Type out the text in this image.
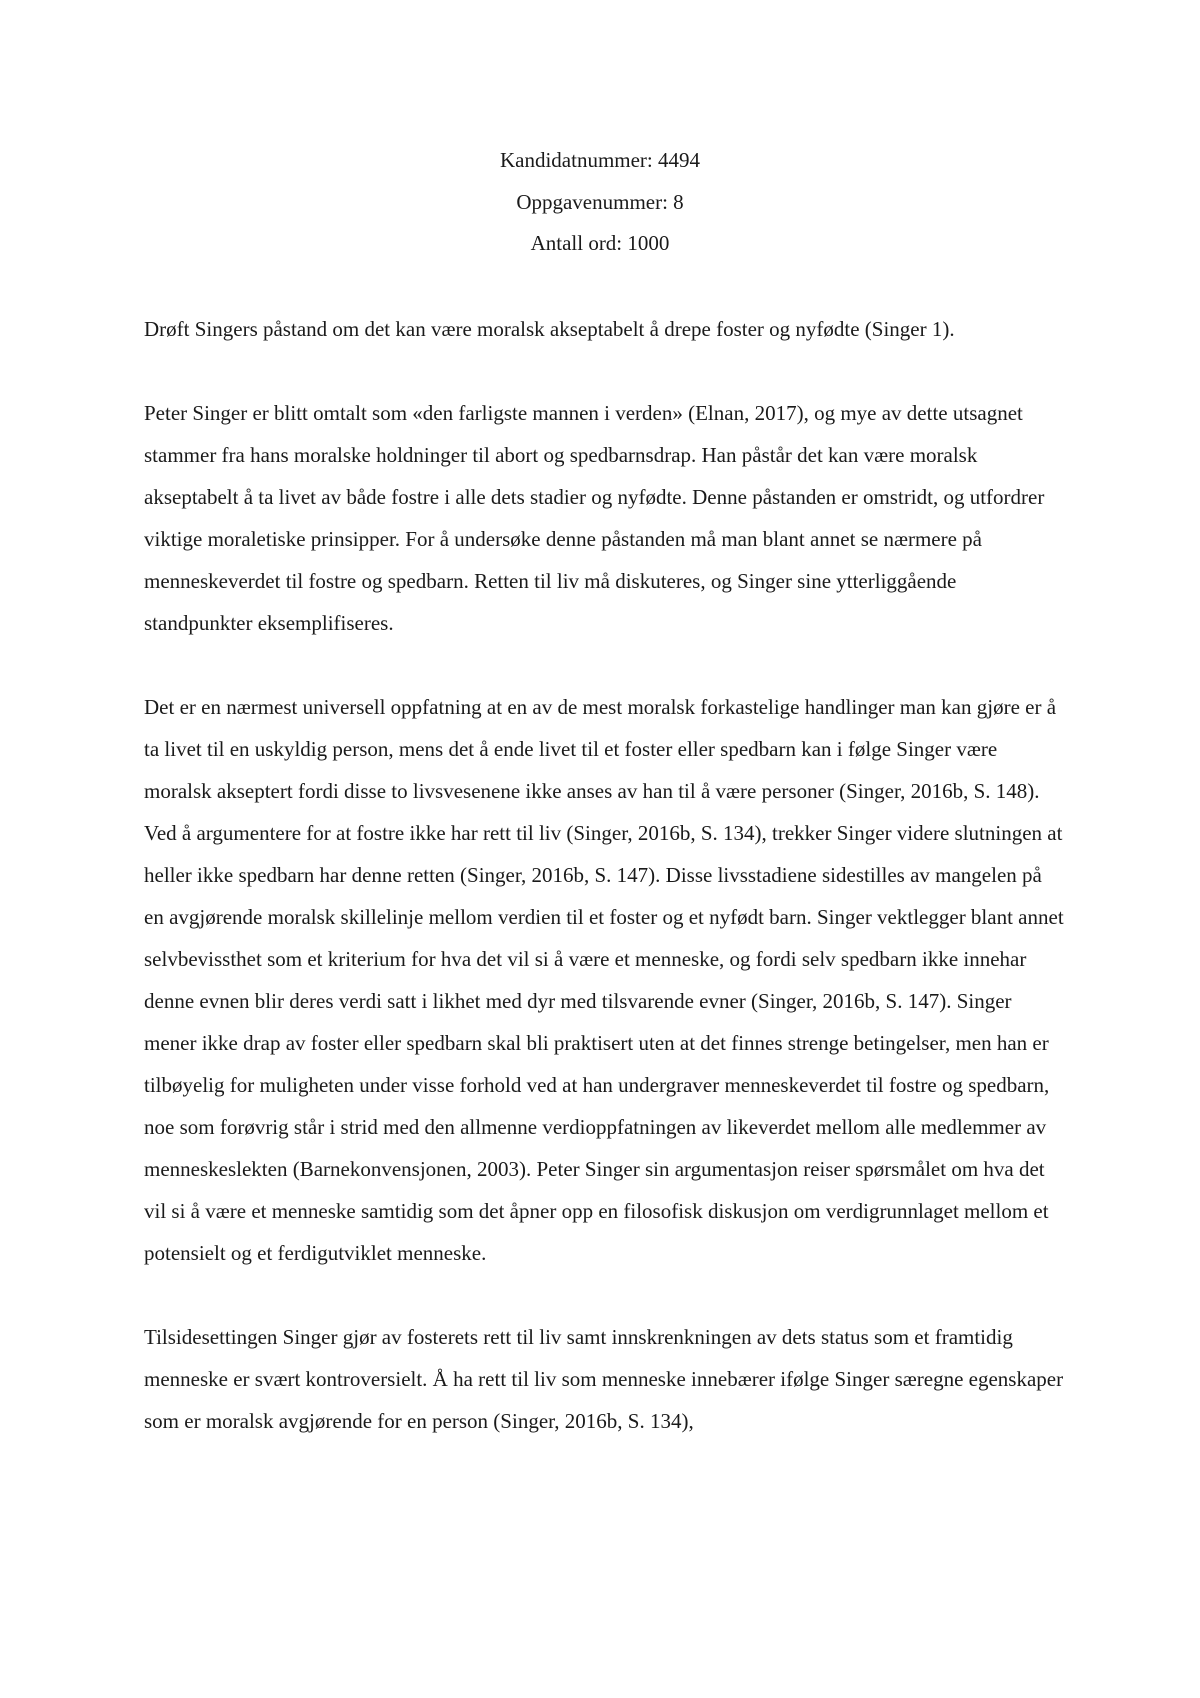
Kandidatnummer: 4494
Oppgavenummer: 8
Antall ord: 1000

Drøft Singers påstand om det kan være moralsk akseptabelt å drepe foster og nyfødte (Singer 1).

Peter Singer er blitt omtalt som «den farligste mannen i verden» (Elnan, 2017), og mye av dette utsagnet stammer fra hans moralske holdninger til abort og spedbarnsdrap. Han påstår det kan være moralsk akseptabelt å ta livet av både fostre i alle dets stadier og nyfødte. Denne påstanden er omstridt, og utfordrer viktige moraletiske prinsipper. For å undersøke denne påstanden må man blant annet se nærmere på menneskeverdet til fostre og spedbarn. Retten til liv må diskuteres, og Singer sine ytterliggående standpunkter eksemplifiseres.

Det er en nærmest universell oppfatning at en av de mest moralsk forkastelige handlinger man kan gjøre er å ta livet til en uskyldig person, mens det å ende livet til et foster eller spedbarn kan i følge Singer være moralsk akseptert fordi disse to livsvesenene ikke anses av han til å være personer (Singer, 2016b, S. 148). Ved å argumentere for at fostre ikke har rett til liv (Singer, 2016b, S. 134), trekker Singer videre slutningen at heller ikke spedbarn har denne retten (Singer, 2016b, S. 147). Disse livsstadiene sidestilles av mangelen på en avgjørende moralsk skillelinje mellom verdien til et foster og et nyfødt barn. Singer vektlegger blant annet selvbevissthet som et kriterium for hva det vil si å være et menneske, og fordi selv spedbarn ikke innehar denne evnen blir deres verdi satt i likhet med dyr med tilsvarende evner (Singer, 2016b, S. 147). Singer mener ikke drap av foster eller spedbarn skal bli praktisert uten at det finnes strenge betingelser, men han er tilbøyelig for muligheten under visse forhold ved at han undergraver menneskeverdet til fostre og spedbarn, noe som forøvrig står i strid med den allmenne verdioppfatningen av likeverdet mellom alle medlemmer av menneskeslekten (Barnekonvensjonen, 2003). Peter Singer sin argumentasjon reiser spørsmålet om hva det vil si å være et menneske samtidig som det åpner opp en filosofisk diskusjon om verdigrunnlaget mellom et potensielt og et ferdigutviklet menneske.

Tilsidesettingen Singer gjør av fosterets rett til liv samt innskrenkningen av dets status som et framtidig menneske er svært kontroversielt. Å ha rett til liv som menneske innebærer ifølge Singer særegne egenskaper som er moralsk avgjørende for en person (Singer, 2016b, S. 134),
